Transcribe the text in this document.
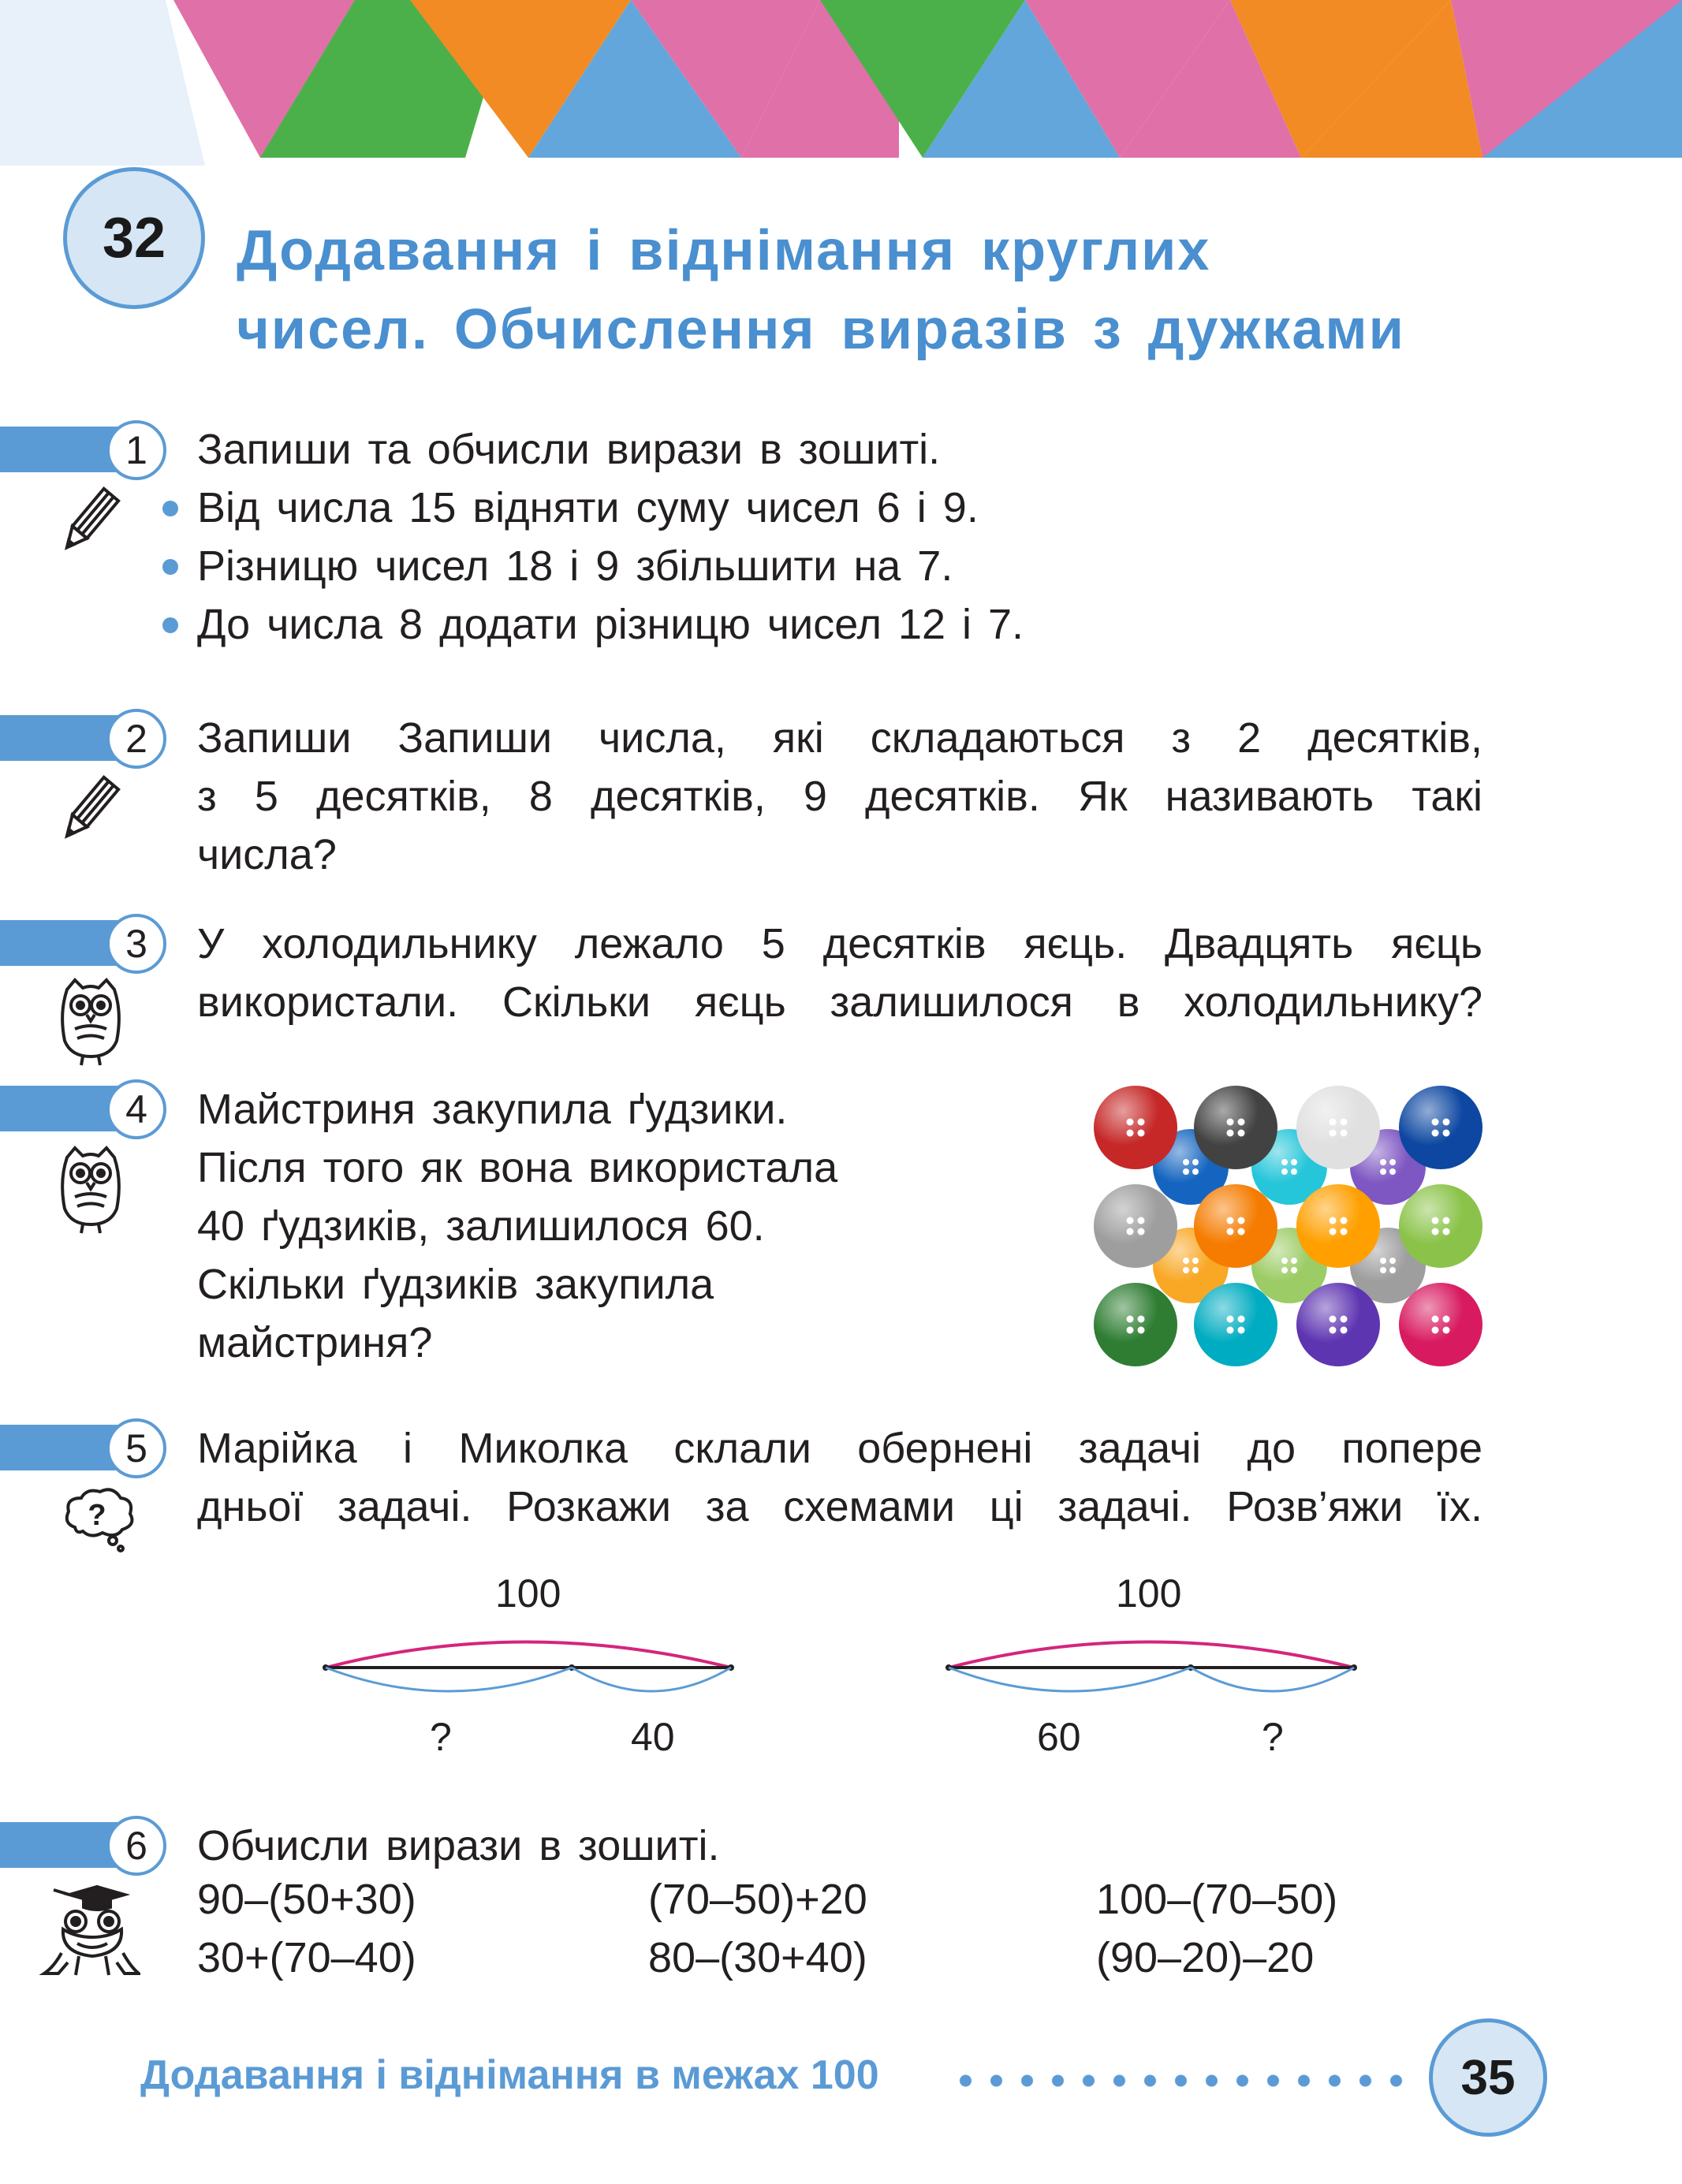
32 Додавання і віднімання круглих
чисел. Обчислення виразів з дужками
1 Запиши та обчисли вирази в зошиті.
Від числа 15 відняти суму чисел 6 і 9.
Різницю чисел 18 і 9 збільшити на 7.
До числа 8 додати різницю чисел 12 і 7.
2 Запиши Запиши числа, які складаються з 2 десятків,
з 5 десятків, 8 десятків, 9 десятків. Як називають такі
числа?
3 У холодильнику лежало 5 десятків яєць. Двадцять яєць
використали. Скільки яєць залишилося в холодильнику?
4 Майстриня закупила ґудзики.
Після того як вона використала
40 ґудзиків, залишилося 60.
Скільки ґудзиків закупила
майстриня?
5
?
Марійка і Миколка склали обернені задачі до попере
дньої задачі. Розкажи за схемами ці задачі. Розв’яжи їх.
100
?	40
100
60	?
6 Обчисли вирази в зошиті.
90–(50+30)	(70–50)+20	100–(70–50)
30+(70–40)	80–(30+40)	(90–20)–20
Додавання і віднімання в межах 100	35
